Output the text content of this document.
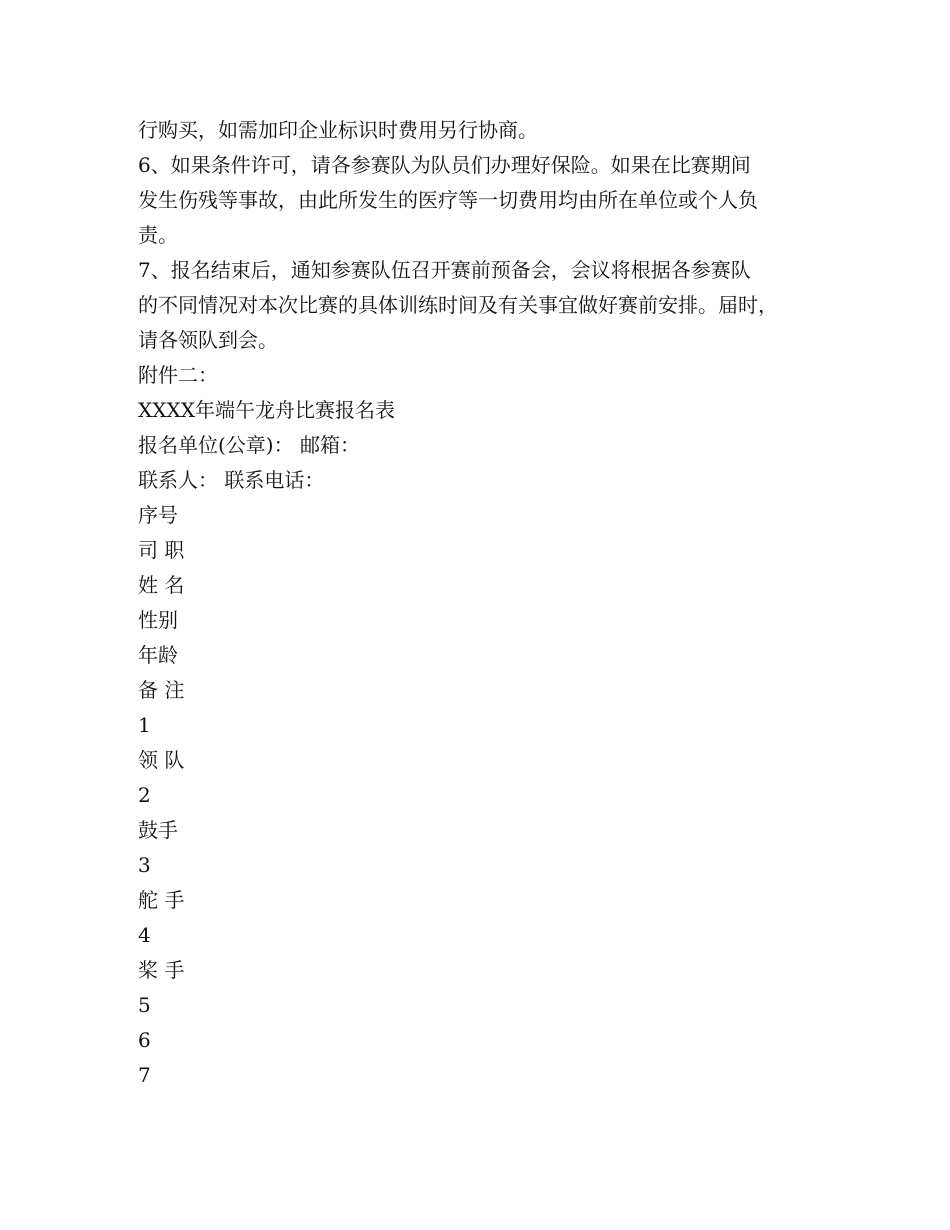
行购买，如需加印企业标识时费用另行协商。
6、如果条件许可，请各参赛队为队员们办理好保险。如果在比赛期间
发生伤残等事故，由此所发生的医疗等一切费用均由所在单位或个人负
责。
7、报名结束后，通知参赛队伍召开赛前预备会，会议将根据各参赛队
的不同情况对本次比赛的具体训练时间及有关事宜做好赛前安排。届时，
请各领队到会。
附件二：
XXXX年端午龙舟比赛报名表
报名单位(公章)： 邮箱：
联系人： 联系电话：
序号
司 职
姓 名
性别
年龄
备 注
1
领 队
2
鼓手
3
舵 手
4
桨 手
5
6
7
